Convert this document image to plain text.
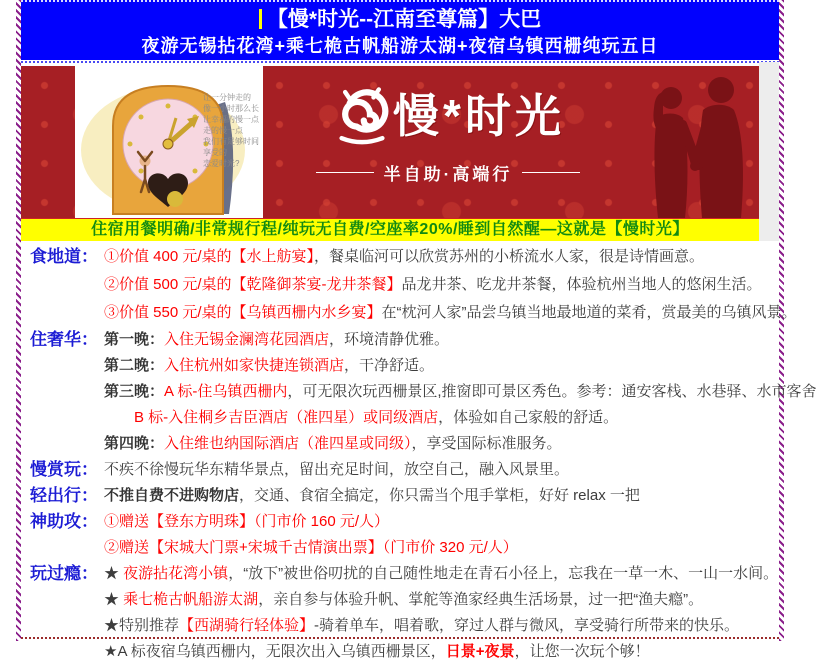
【慢*时光--江南至尊篇】大巴
夜游无锡拈花湾+乘七桅古帆船游太湖+夜宿乌镇西栅纯玩五日
让一分钟走的
像一小时那么长
让幸福的慢一点
走的慢一点
我们有足够时间
享受的
恋爱时光?
慢*时光
半自助·高端行
住宿用餐明确/非常规行程/纯玩无自费/空座率20%/睡到自然醒—这就是【慢时光】
食地道： ①价值 400 元/桌的【水上舫宴】，餐桌临河可以欣赏苏州的小桥流水人家，很是诗情画意。
②价值 500 元/桌的【乾隆御茶宴-龙井茶餐】品龙井茶、吃龙井茶餐，体验杭州当地人的悠闲生活。
③价值 550 元/桌的【乌镇西栅内水乡宴】在“枕河人家”品尝乌镇当地最地道的菜肴，赏最美的乌镇风景。
住奢华： 第一晚：入住无锡金澜湾花园酒店，环境清静优雅。
第二晚：入住杭州如家快捷连锁酒店，干净舒适。
第三晚：A 标-住乌镇西栅内，可无限次玩西栅景区,推窗即可景区秀色。参考：通安客栈、水巷驿、水市客舍
B 标-入住桐乡吉臣酒店（准四星）或同级酒店，体验如自己家般的舒适。
第四晚：入住维也纳国际酒店（准四星或同级），享受国际标准服务。
慢赏玩： 不疾不徐慢玩华东精华景点，留出充足时间，放空自己，融入风景里。
轻出行： 不推自费不进购物店，交通、食宿全搞定，你只需当个甩手掌柜，好好 relax 一把
神助攻： ①赠送【登东方明珠】（门市价 160 元/人）
②赠送【宋城大门票+宋城千古情演出票】（门市价 320 元/人）
玩过瘾： ★ 夜游拈花湾小镇，“放下”被世俗叨扰的自己随性地走在青石小径上，忘我在一草一木、一山一水间。
★ 乘七桅古帆船游太湖，亲自参与体验升帆、掌舵等渔家经典生活场景，过一把“渔夫瘾”。
★特别推荐【西湖骑行轻体验】-骑着单车，唱着歌，穿过人群与微风，享受骑行所带来的快乐。
★A 标夜宿乌镇西栅内，无限次出入乌镇西栅景区，日景+夜景，让您一次玩个够！
